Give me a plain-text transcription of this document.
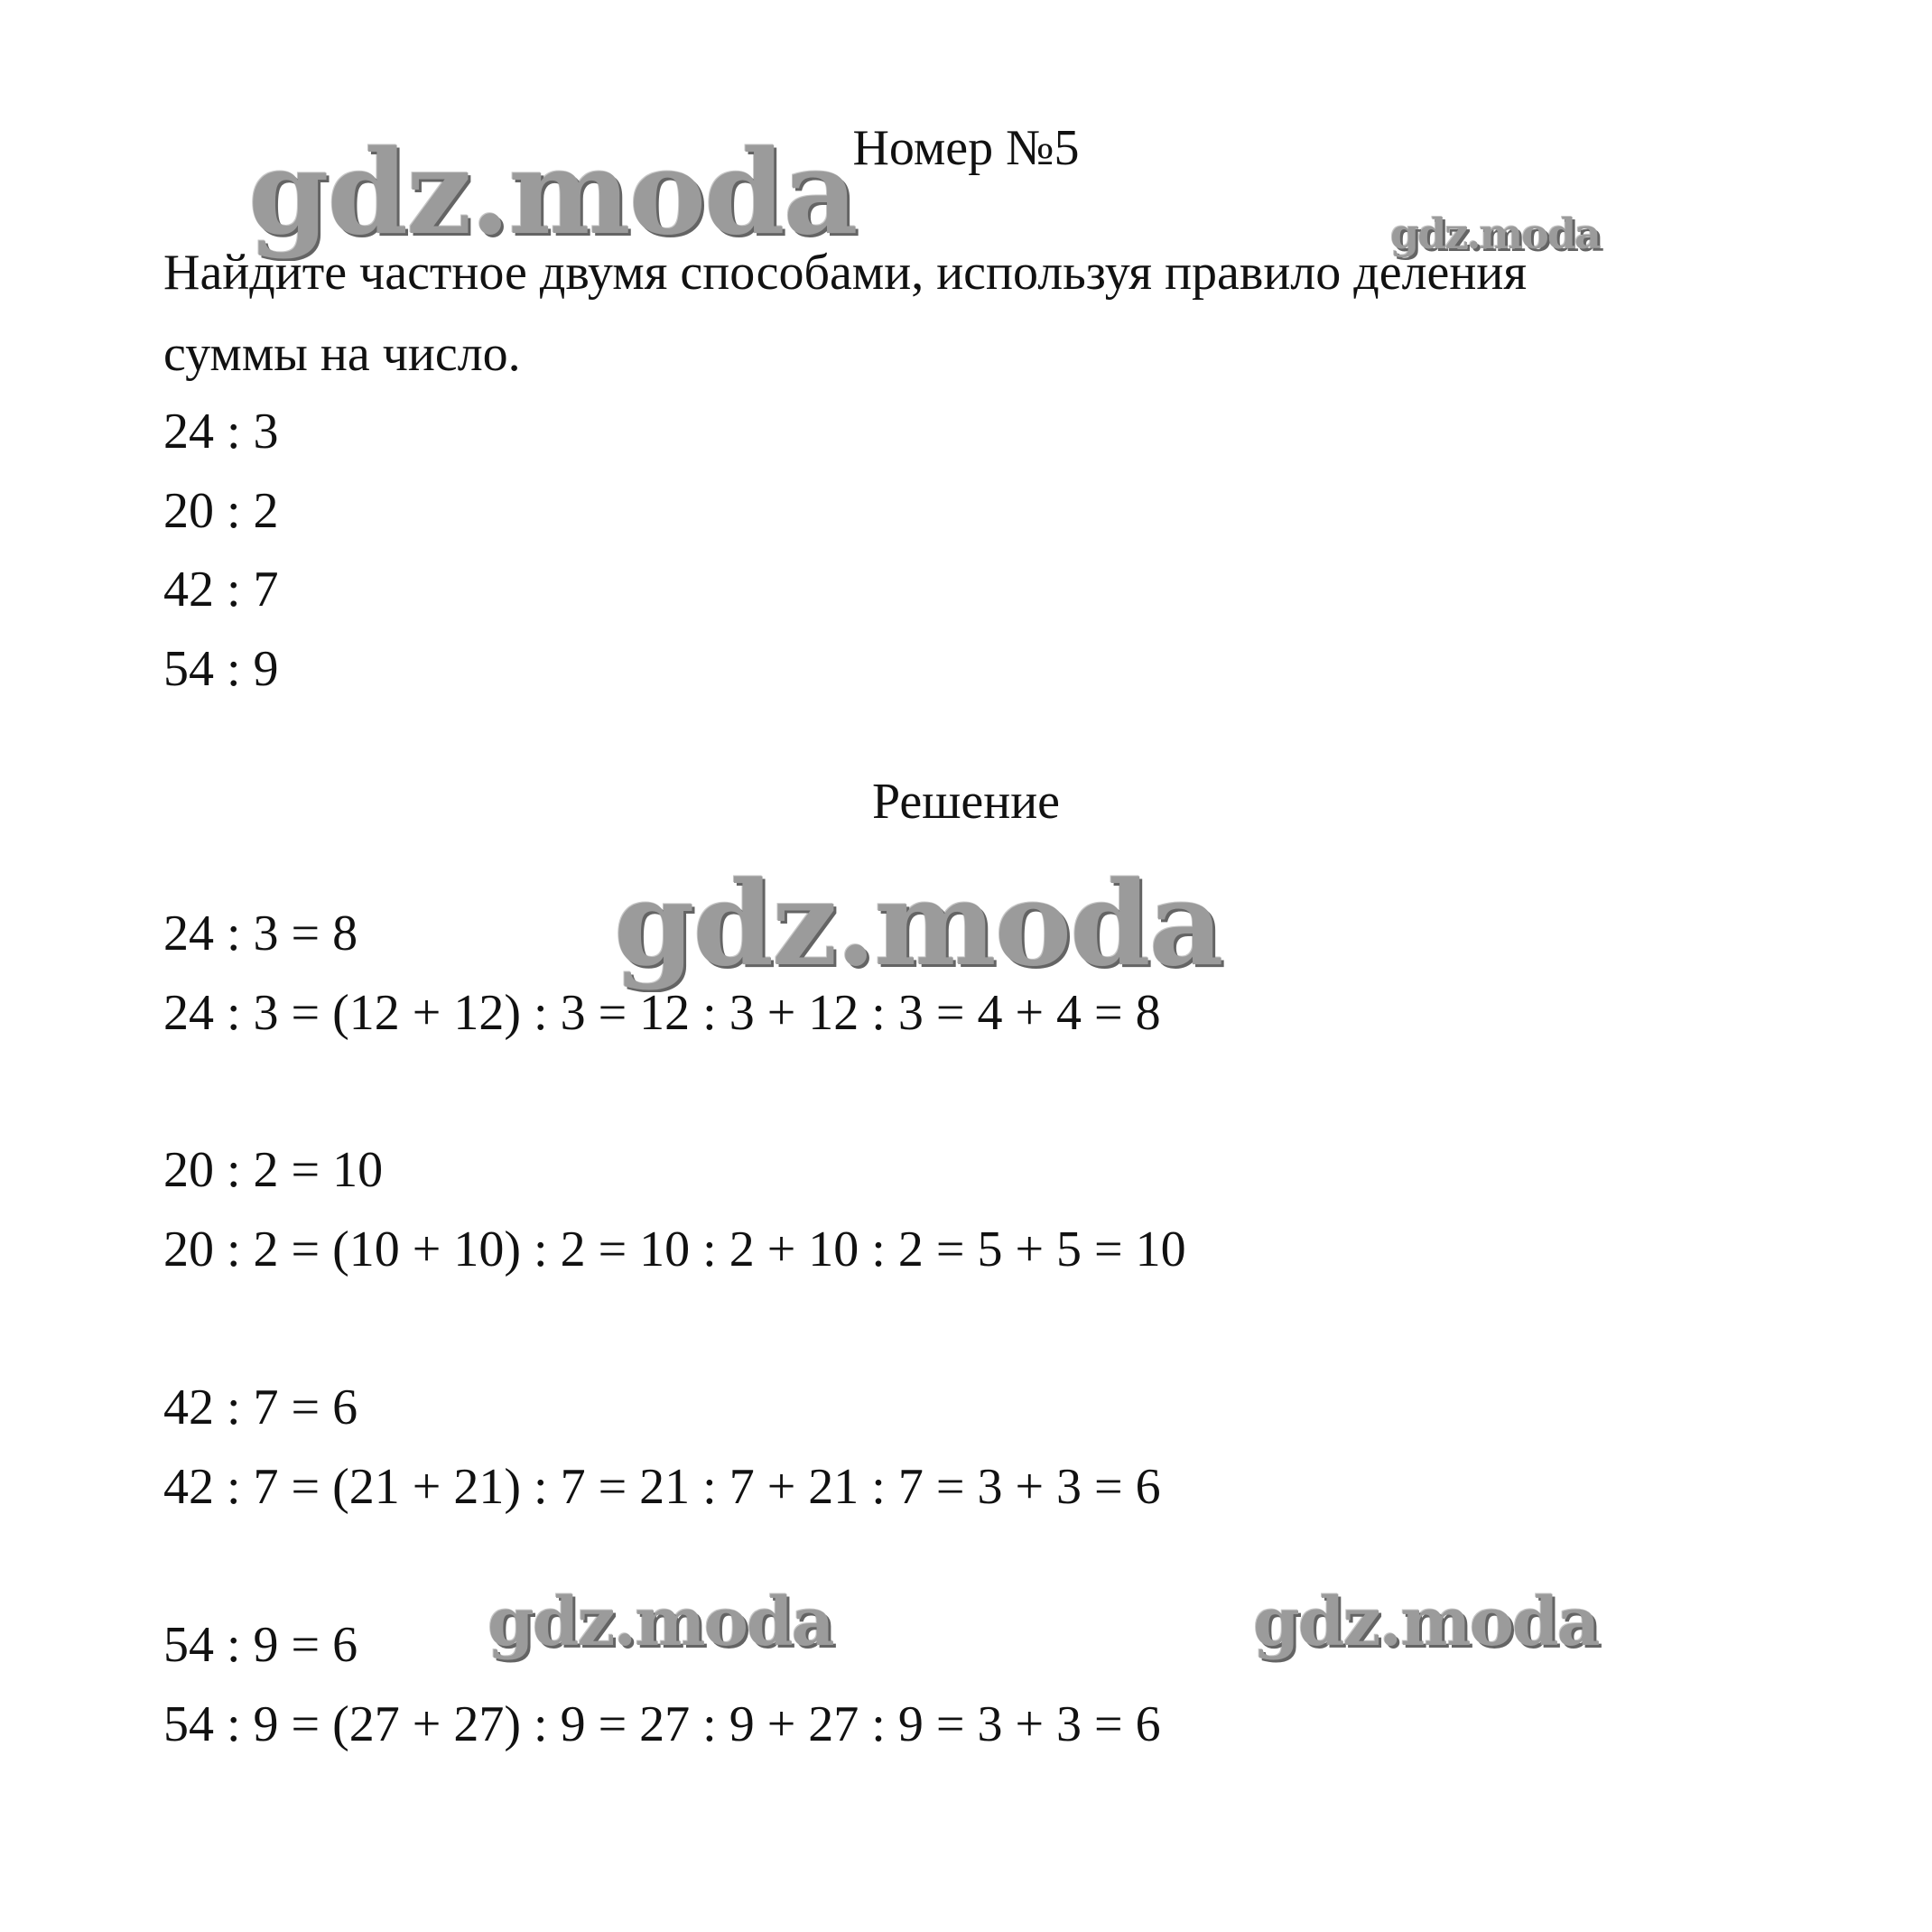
gdz.moda	gdz.moda
gdz.moda
gdz.moda	gdz.moda
Номер №5

Найдите частное двумя способами, используя правило деления

суммы на число.

24 : 3

20 : 2

42 : 7

54 : 9

Решение

24 : 3 = 8

24 : 3 = (12 + 12) : 3 = 12 : 3 + 12 : 3 = 4 + 4 = 8

20 : 2 = 10

20 : 2 = (10 + 10) : 2 = 10 : 2 + 10 : 2 = 5 + 5 = 10

42 : 7 = 6

42 : 7 = (21 + 21) : 7 = 21 : 7 + 21 : 7 = 3 + 3 = 6

54 : 9 = 6

54 : 9 = (27 + 27) : 9 = 27 : 9 + 27 : 9 = 3 + 3 = 6
